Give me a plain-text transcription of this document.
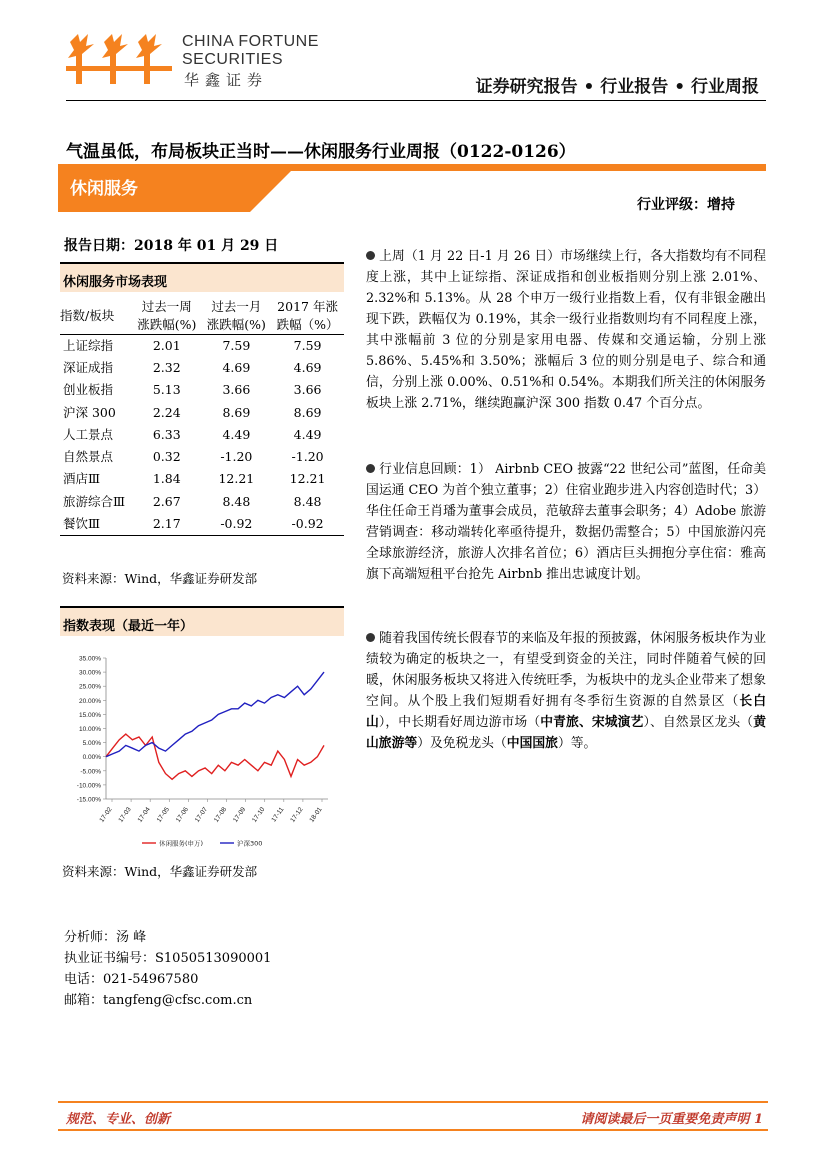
CHINA FORTUNE
SECURITIES
华鑫证券	证券研究报告 • 行业报告 • 行业周报
气温虽低，布局板块正当时——休闲服务行业周报（0122-0126）
休闲服务
行业评级：增持
报告日期：2018 年 01 月 29 日
休闲服务市场表现
指数/板块	过去一周	过去一月	2017 年涨
	涨跌幅(%)	涨跌幅(%)	跌幅（%）
上证综指	2.01	7.59	7.59
深证成指	2.32	4.69	4.69
创业板指	5.13	3.66	3.66
沪深 300	2.24	8.69	8.69
人工景点	6.33	4.49	4.49
自然景点	0.32	-1.20	-1.20
酒店Ⅲ	1.84	12.21	12.21
旅游综合Ⅲ	2.67	8.48	8.48
餐饮Ⅲ	2.17	-0.92	-0.92
资料来源：Wind，华鑫证券研发部
指数表现（最近一年）
35.00%
30.00%
25.00%
20.00%
15.00%
10.00%
5.00%
0.00%
-5.00%
-10.00%
-15.00%
17-02 17-03 17-04 17-05 17-06 17-07 17-08 17-09 17-10 17-11 17-12 18-01
休闲服务(申万)	沪深300
资料来源：Wind，华鑫证券研发部
分析师：汤 峰
执业证书编号：S1050513090001
电话：021-54967580
邮箱：tangfeng@cfsc.com.cn
上周（1 月 22 日-1 月 26 日）市场继续上行，各大指数均有不同程度上涨，其中上证综指、深证成指和创业板指则分别上涨 2.01%、2.32%和 5.13%。从 28 个申万一级行业指数上看，仅有非银金融出现下跌，跌幅仅为 0.19%，其余一级行业指数则均有不同程度上涨，其中涨幅前 3 位的分别是家用电器、传媒和交通运输，分别上涨 5.86%、5.45%和 3.50%；涨幅后 3 位的则分别是电子、综合和通信，分别上涨 0.00%、0.51%和 0.54%。本期我们所关注的休闲服务板块上涨 2.71%，继续跑赢沪深 300 指数 0.47 个百分点。
行业信息回顾：1） Airbnb CEO 披露“22 世纪公司”蓝图，任命美国运通 CEO 为首个独立董事；2）住宿业跑步进入内容创造时代；3）华住任命王肖璠为董事会成员，范敏辞去董事会职务；4）Adobe 旅游营销调查：移动端转化率亟待提升，数据仍需整合；5）中国旅游闪亮全球旅游经济，旅游人次排名首位；6）酒店巨头拥抱分享住宿：雅高旗下高端短租平台抢先 Airbnb 推出忠诚度计划。
随着我国传统长假春节的来临及年报的预披露，休闲服务板块作为业绩较为确定的板块之一，有望受到资金的关注，同时伴随着气候的回暖，休闲服务板块又将进入传统旺季，为板块中的龙头企业带来了想象空间。从个股上我们短期看好拥有冬季衍生资源的自然景区（长白山），中长期看好周边游市场（中青旅、宋城演艺）、自然景区龙头（黄山旅游等）及免税龙头（中国国旅）等。
规范、专业、创新	请阅读最后一页重要免责声明 1
